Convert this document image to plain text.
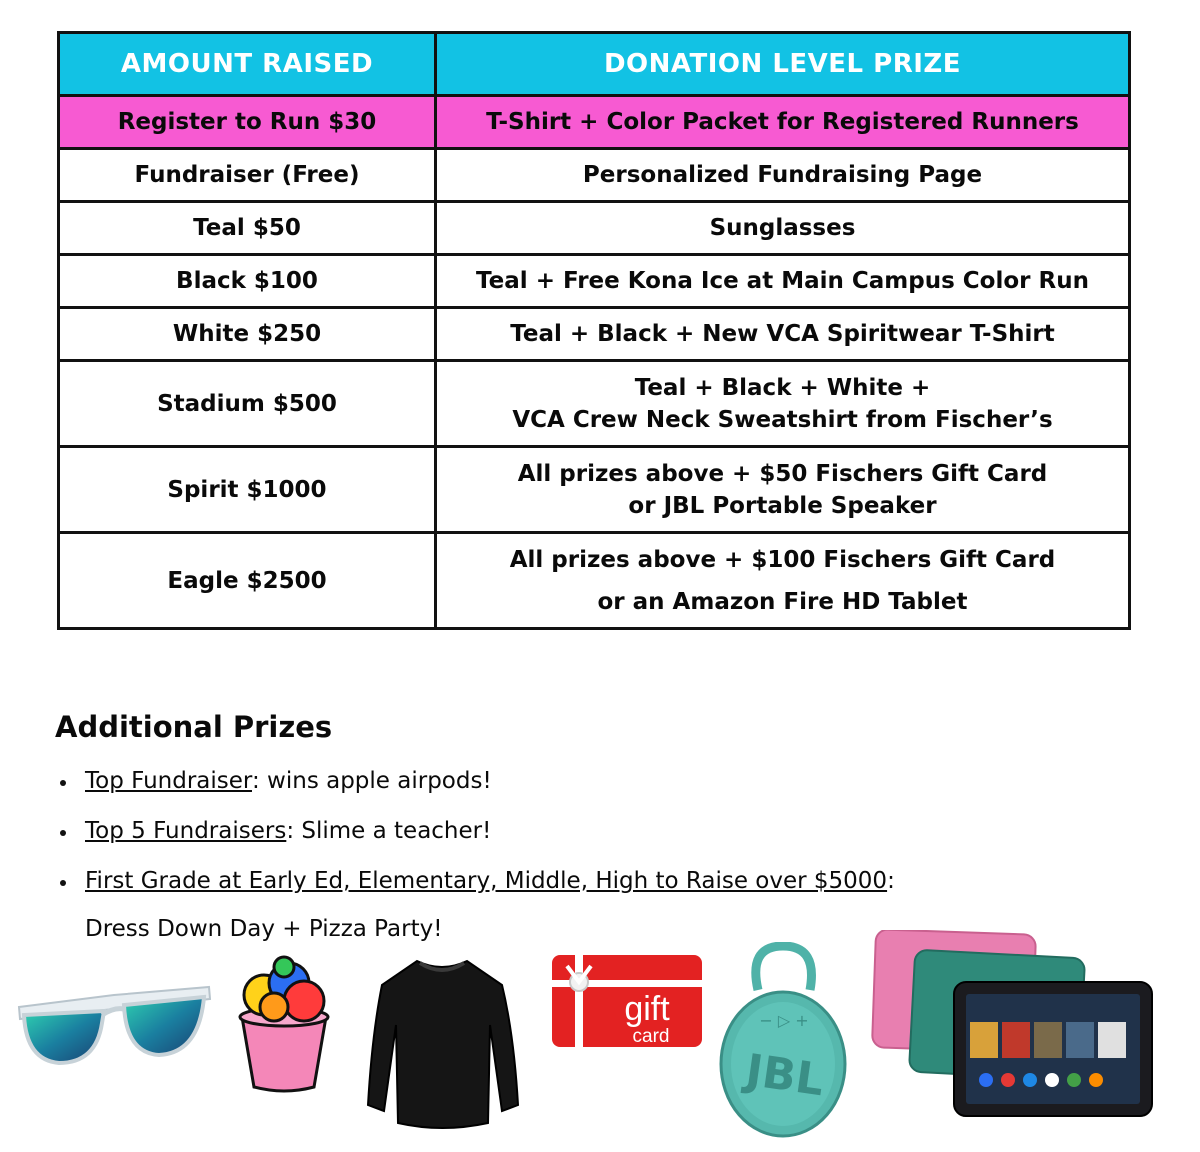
AMOUNT RAISED	DONATION LEVEL PRIZE
Register to Run $30	T-Shirt + Color Packet for Registered Runners
Fundraiser (Free)	Personalized Fundraising Page
Teal $50	Sunglasses
Black $100	Teal + Free Kona Ice at Main Campus Color Run
White $250	Teal + Black + New VCA Spiritwear T-Shirt
Stadium $500	Teal + Black + White +
VCA Crew Neck Sweatshirt from Fischer’s

Spirit $1000	All prizes above + $50 Fischers Gift Card
or JBL Portable Speaker

Eagle $2500	All prizes above + $100 Fischers Gift Card
or an Amazon Fire HD Tablet
Additional Prizes
Top Fundraiser: wins apple airpods!
Top 5 Fundraisers: Slime a teacher!
First Grade at Early Ed, Elementary, Middle, High to Raise over $5000:
Dress Down Day + Pizza Party!
gift
card
JBL
− ▷ +
